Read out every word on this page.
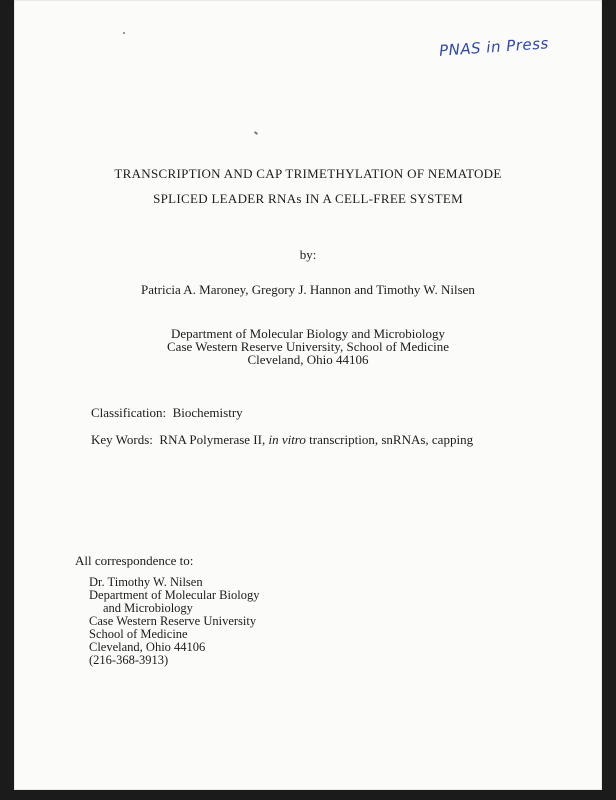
PNAS in Press
TRANSCRIPTION AND CAP TRIMETHYLATION OF NEMATODE
SPLICED LEADER RNAs IN A CELL-FREE SYSTEM
by:
Patricia A. Maroney, Gregory J. Hannon and Timothy W. Nilsen
Department of Molecular Biology and Microbiology
Case Western Reserve University, School of Medicine
Cleveland, Ohio 44106
Classification: Biochemistry
Key Words: RNA Polymerase II, in vitro transcription, snRNAs, capping
All correspondence to:
Dr. Timothy W. Nilsen
Department of Molecular Biology
and Microbiology
Case Western Reserve University
School of Medicine
Cleveland, Ohio 44106
(216-368-3913)
